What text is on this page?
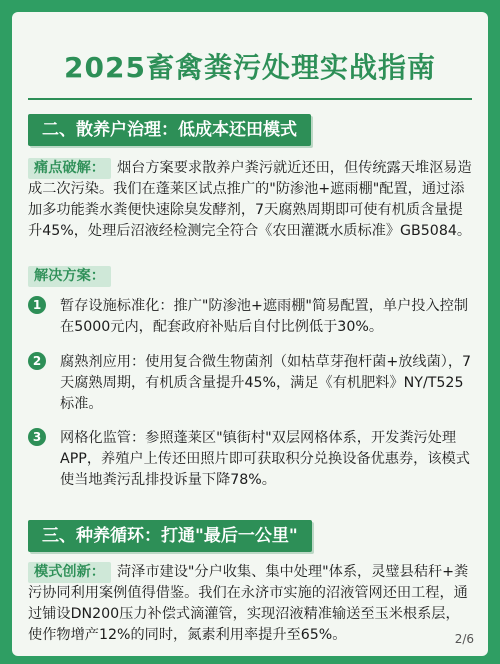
2025畜禽粪污处理实战指南
二、散养户治理：低成本还田模式

痛点破解： 烟台方案要求散养户粪污就近还田，但传统露天堆沤易造成二次污染。我们在蓬莱区试点推广的"防渗池+遮雨棚"配置，通过添加多功能粪水粪便快速除臭发酵剂，7天腐熟周期即可使有机质含量提升45%，处理后沼液经检测完全符合《农田灌溉水质标准》GB5084。

解决方案：
1	暂存设施标准化：推广"防渗池+遮雨棚"简易配置，单户投入控制在5000元内，配套政府补贴后自付比例低于30%。

2	腐熟剂应用：使用复合微生物菌剂（如枯草芽孢杆菌+放线菌），7天腐熟周期，有机质含量提升45%，满足《有机肥料》NY/T525标准。

3	网格化监管：参照蓬莱区"镇街村"双层网格体系，开发粪污处理APP，养殖户上传还田照片即可获取积分兑换设备优惠券，该模式使当地粪污乱排投诉量下降78%。

三、种养循环：打通"最后一公里"

模式创新： 菏泽市建设"分户收集、集中处理"体系，灵璧县秸秆+粪污协同利用案例值得借鉴。我们在永济市实施的沼液管网还田工程，通过铺设DN200压力补偿式滴灌管，实现沼液精准输送至玉米根系层，使作物增产12%的同时，氮素利用率提升至65%。	2/6
